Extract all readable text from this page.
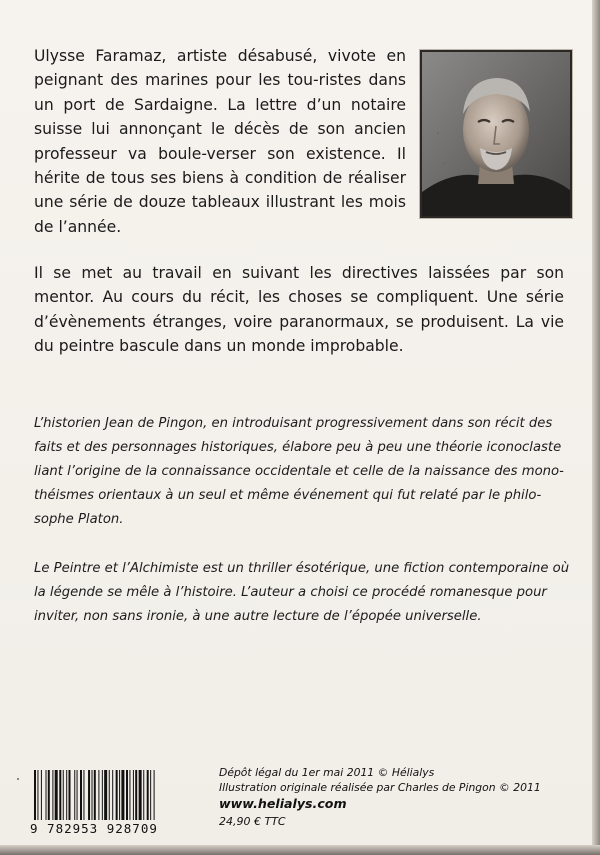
Ulysse Faramaz, artiste désabusé, vivote en peignant des marines pour les tou-ristes dans un port de Sardaigne. La lettre d’un notaire suisse lui annonçant le décès de son ancien professeur va boule-verser son existence. Il hérite de tous ses biens à condition de réaliser une série de douze tableaux illustrant les mois de l’année.

Il se met au travail en suivant les directives laissées par son mentor. Au cours du récit, les choses se compliquent. Une série d’évènements étranges, voire paranormaux, se produisent. La vie du peintre bascule dans un monde improbable.

L’historien Jean de Pingon, en introduisant progressivement dans son récit des faits et des personnages historiques, élabore peu à peu une théorie iconoclaste liant l’origine de la connaissance occidentale et celle de la naissance des mono-théismes orientaux à un seul et même événement qui fut relaté par le philo-sophe Platon.

Le Peintre et l’Alchimiste est un thriller ésotérique, une fiction contemporaine où la légende se mêle à l’histoire. L’auteur a choisi ce procédé romanesque pour inviter, non sans ironie, à une autre lecture de l’épopée universelle.

9 782953 928709
Dépôt légal du 1er mai 2011 © Hélialys
Illustration originale réalisée par Charles de Pingon © 2011
www.helialys.com
24,90 € TTC
